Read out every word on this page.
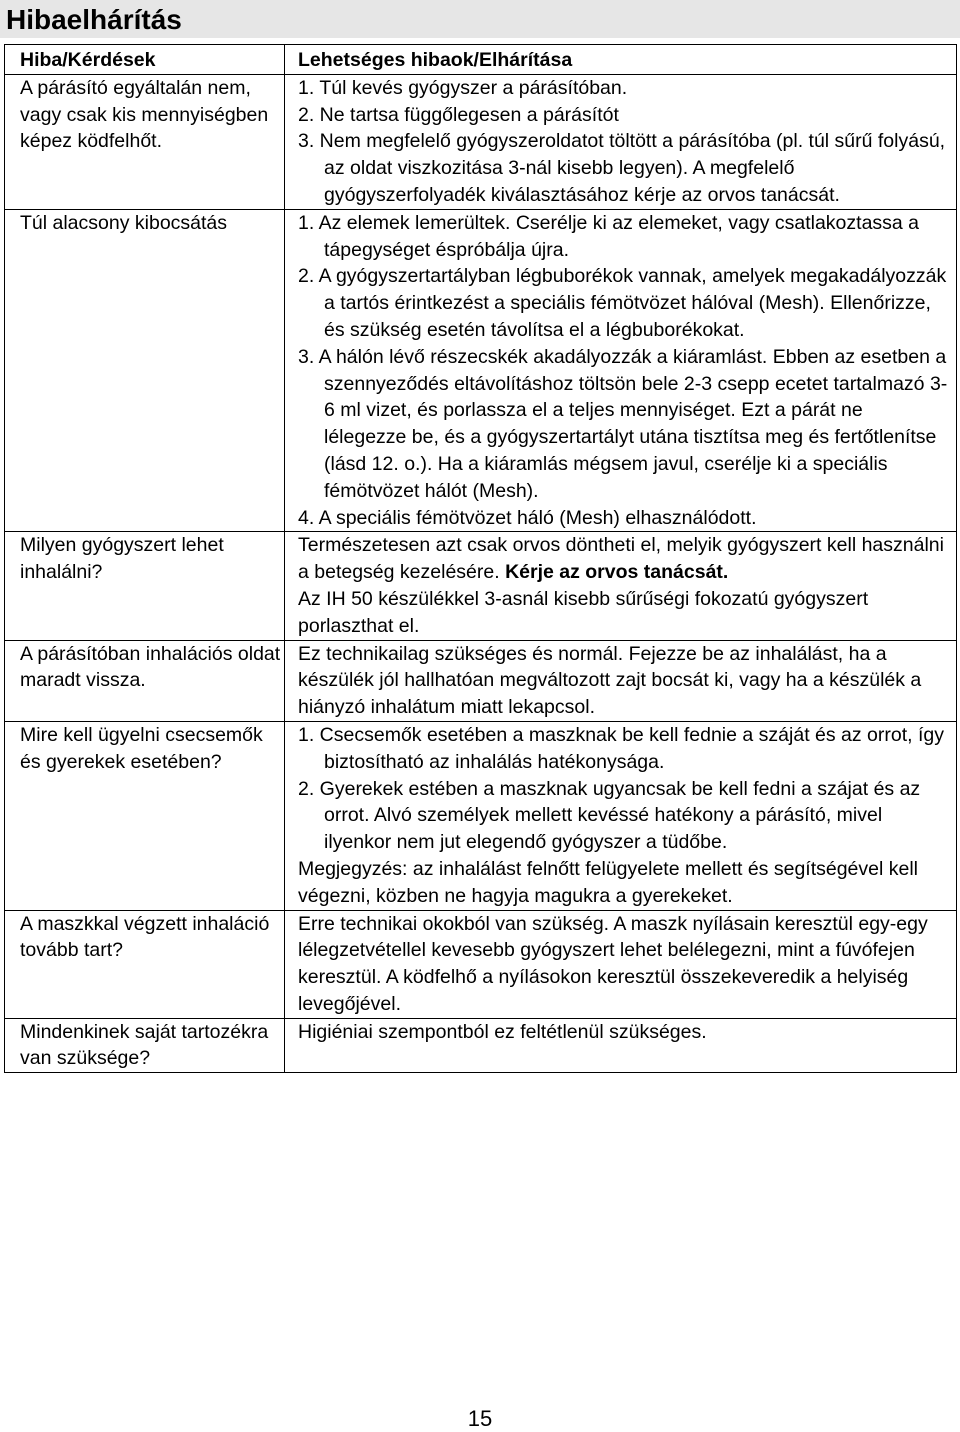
Hibaelhárítás
Hiba/Kérdések	Lehetséges hibaok/Elhárítása
A párásító egyáltalán nem, vagy csak kis mennyiségben képez ködfelhőt.	1. Túl kevés gyógyszer a párásítóban.
2. Ne tartsa függőlegesen a párásítót
3. Nem megfelelő gyógyszeroldatot töltött a párásítóba (pl. túl sűrű folyású, az oldat viszkozitása 3-nál kisebb legyen). A megfelelő gyógyszerfolyadék kiválasztásához kérje az orvos tanácsát.

Túl alacsony kibocsátás	1. Az elemek lemerültek. Cserélje ki az elemeket, vagy csatlakoztassa a tápegységet éspróbálja újra.
2. A gyógyszertartályban légbuborékok vannak, amelyek megakadályozzák a tartós érintkezést a speciális fémötvözet hálóval (Mesh). Ellenőrizze, és szükség esetén távolítsa el a légbuborékokat.
3. A hálón lévő részecskék akadályozzák a kiáramlást. Ebben az esetben a szennyeződés eltávolításhoz töltsön bele 2-3 csepp ecetet tartalmazó 3-6 ml vizet, és porlassza el a teljes mennyiséget. Ezt a párát ne lélegezze be, és a gyógyszertartályt utána tisztítsa meg és fertőtlenítse (lásd 12. o.). Ha a kiáramlás mégsem javul, cserélje ki a speciális fémötvözet hálót (Mesh).
4. A speciális fémötvözet háló (Mesh) elhasználódott.

Milyen gyógyszert lehet inhalálni?	Természetesen azt csak orvos döntheti el, melyik gyógyszert kell használni a betegség kezelésére. Kérje az orvos tanácsát.
Az IH 50 készülékkel 3-asnál kisebb sűrűségi fokozatú gyógyszert porlaszthat el.

A párásítóban inhalációs oldat maradt vissza.	Ez technikailag szükséges és normál. Fejezze be az inhalálást, ha a készülék jól hallhatóan megváltozott zajt bocsát ki, vagy ha a készülék a hiányzó inhalátum miatt lekapcsol.
Mire kell ügyelni csecsemők és gyerekek esetében?	1. Csecsemők esetében a maszknak be kell fednie a száját és az orrot, így biztosítható az inhalálás hatékonysága.
2. Gyerekek estében a maszknak ugyancsak be kell fedni a szájat és az orrot. Alvó személyek mellett kevéssé hatékony a párásító, mivel ilyenkor nem jut elegendő gyógyszer a tüdőbe.
Megjegyzés: az inhalálást felnőtt felügyelete mellett és segítségével kell végezni, közben ne hagyja magukra a gyerekeket.

A maszkkal végzett inhaláció tovább tart?	Erre technikai okokból van szükség. A maszk nyílásain keresztül egy-egy lélegzetvétellel kevesebb gyógyszert lehet belélegezni, mint a fúvófejen keresztül. A ködfelhő a nyílásokon keresztül összekeveredik a helyiség levegőjével.
Mindenkinek saját tartozékra van szüksége?	Higiéniai szempontból ez feltétlenül szükséges.
15
